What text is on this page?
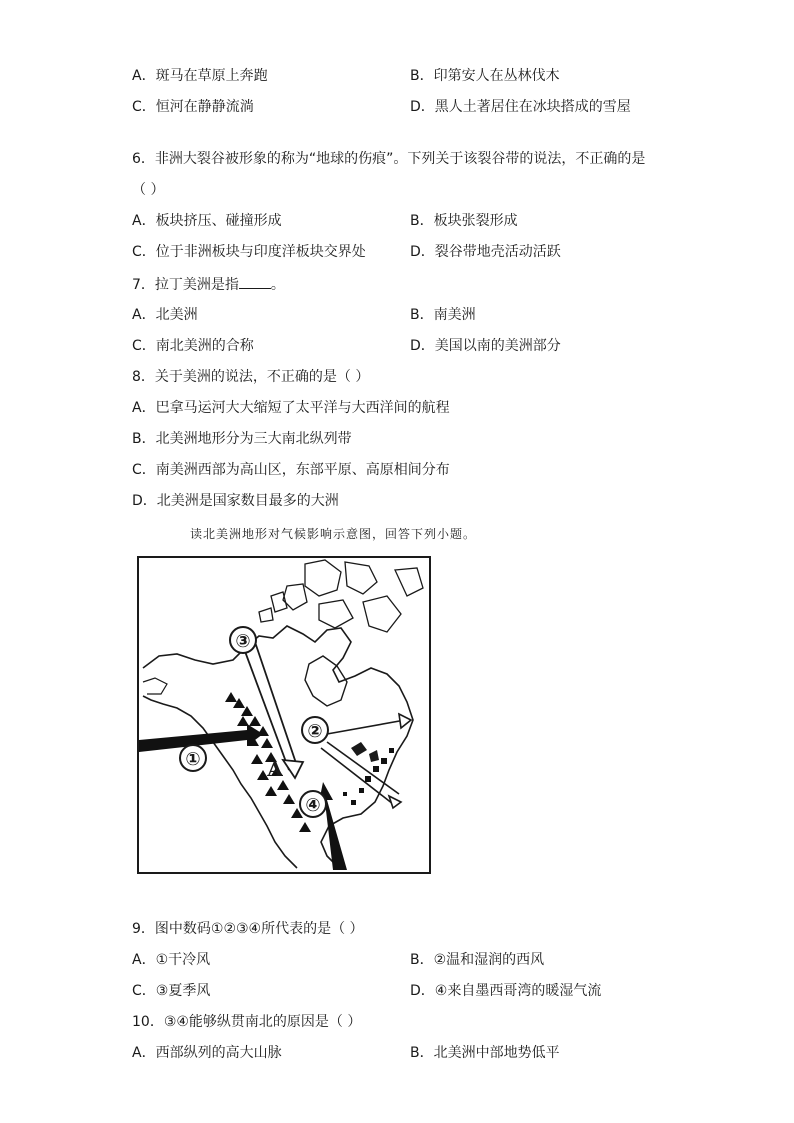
A．斑马在草原上奔跑	B．印第安人在丛林伐木
C．恒河在静静流淌	D．黑人土著居住在冰块搭成的雪屋
6．非洲大裂谷被形象的称为“地球的伤痕”。下列关于该裂谷带的说法，不正确的是
（ ）
A．板块挤压、碰撞形成	B．板块张裂形成
C．位于非洲板块与印度洋板块交界处	D．裂谷带地壳活动活跃
7．拉丁美洲是指 。
A．北美洲	B．南美洲
C．南北美洲的合称	D．美国以南的美洲部分
8．关于美洲的说法，不正确的是（ ）
A．巴拿马运河大大缩短了太平洋与大西洋间的航程
B．北美洲地形分为三大南北纵列带
C．南美洲西部为高山区，东部平原、高原相间分布
D．北美洲是国家数目最多的大洲
读北美洲地形对气候影响示意图，回答下列小题。
③
②
①
④
A
9．图中数码①②③④所代表的是（ ）
A．①干冷风	B．②温和湿润的西风
C．③夏季风	D．④来自墨西哥湾的暖湿气流
10．③④能够纵贯南北的原因是（ ）
A．西部纵列的高大山脉	B．北美洲中部地势低平
